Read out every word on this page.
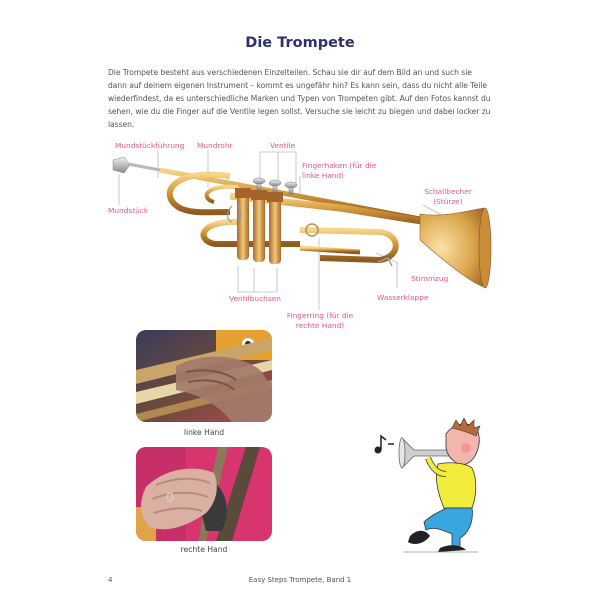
Die Trompete
Die Trompete besteht aus verschiedenen Einzelteilen. Schau sie dir auf dem Bild an und such sie dann auf deinem eigenen Instrument – kommt es ungefähr hin? Es kann sein, dass du nicht alle Teile wiederfindest, da es unterschiedliche Marken und Typen von Trompeten gibt. Auf den Fotos kannst du sehen, wie du die Finger auf die Ventile legen sollst. Versuche sie leicht zu biegen und dabei locker zu lassen.
Mundstückführung Mundrohr	Ventile
Fingerhaken (für die
linke Hand)
Mundstück
Schallbecher
(Stürze)
Stimmzug
Wasserklappe
Ventilbuchsen
Fingerring (für die
rechte Hand)
linke Hand
rechte Hand
4	Easy Steps Trompete, Band 1
